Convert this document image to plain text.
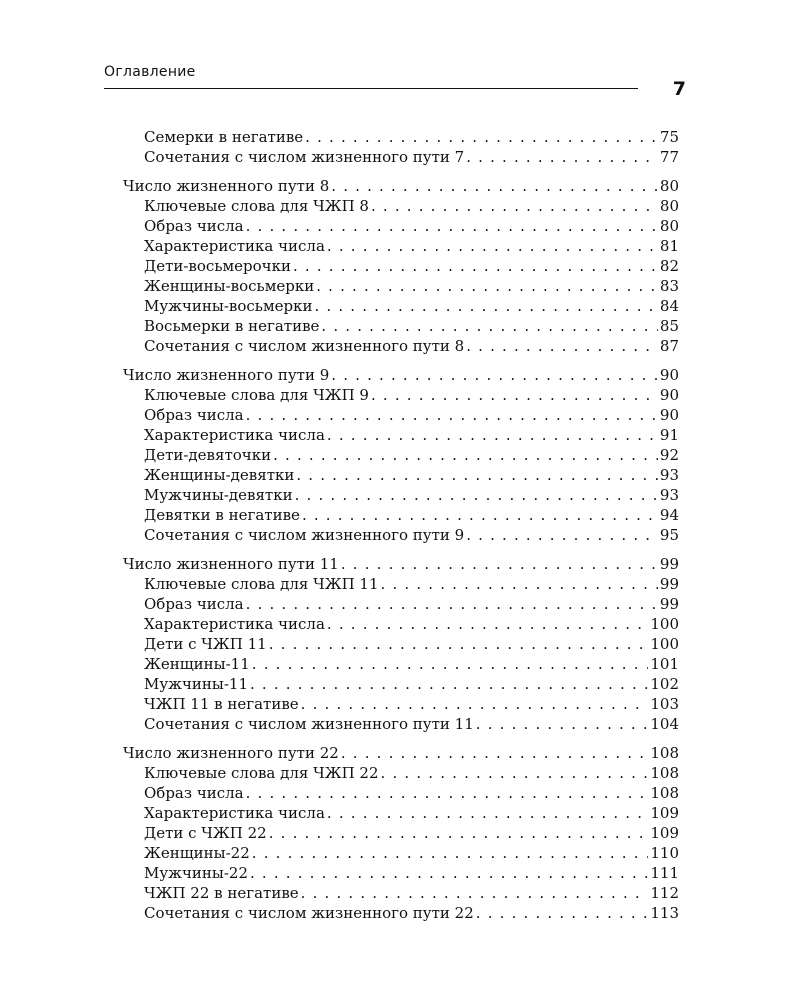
Оглавление
7
Семерки в негативе . . .	75
Сочетания с числом жизненного пути 7 . . .	77
Число жизненного пути 8 . . .	80
Ключевые слова для ЧЖП 8 . . .	80
Образ числа . . .	80
Характеристика числа . . .	81
Дети-восьмерочки . . .	82
Женщины-восьмерки . . .	83
Мужчины-восьмерки . . .	84
Восьмерки в негативе . . .	85
Сочетания с числом жизненного пути 8 . . .	87
Число жизненного пути 9 . . .	90
Ключевые слова для ЧЖП 9 . . .	90
Образ числа . . .	90
Характеристика числа . . .	91
Дети-девяточки . . .	92
Женщины-девятки . . .	93
Мужчины-девятки . . .	93
Девятки в негативе . . .	94
Сочетания с числом жизненного пути 9 . . .	95
Число жизненного пути 11 . . .	99
Ключевые слова для ЧЖП 11 . . .	99
Образ числа . . .	99
Характеристика числа . . .	100
Дети с ЧЖП 11 . . .	100
Женщины-11 . . .	101
Мужчины-11 . . .	102
ЧЖП 11 в негативе . . .	103
Сочетания с числом жизненного пути 11 . . .	104
Число жизненного пути 22 . . .	108
Ключевые слова для ЧЖП 22 . . .	108
Образ числа . . .	108
Характеристика числа . . .	109
Дети с ЧЖП 22 . . .	109
Женщины-22 . . .	110
Мужчины-22 . . .	111
ЧЖП 22 в негативе . . .	112
Сочетания с числом жизненного пути 22 . . .	113
